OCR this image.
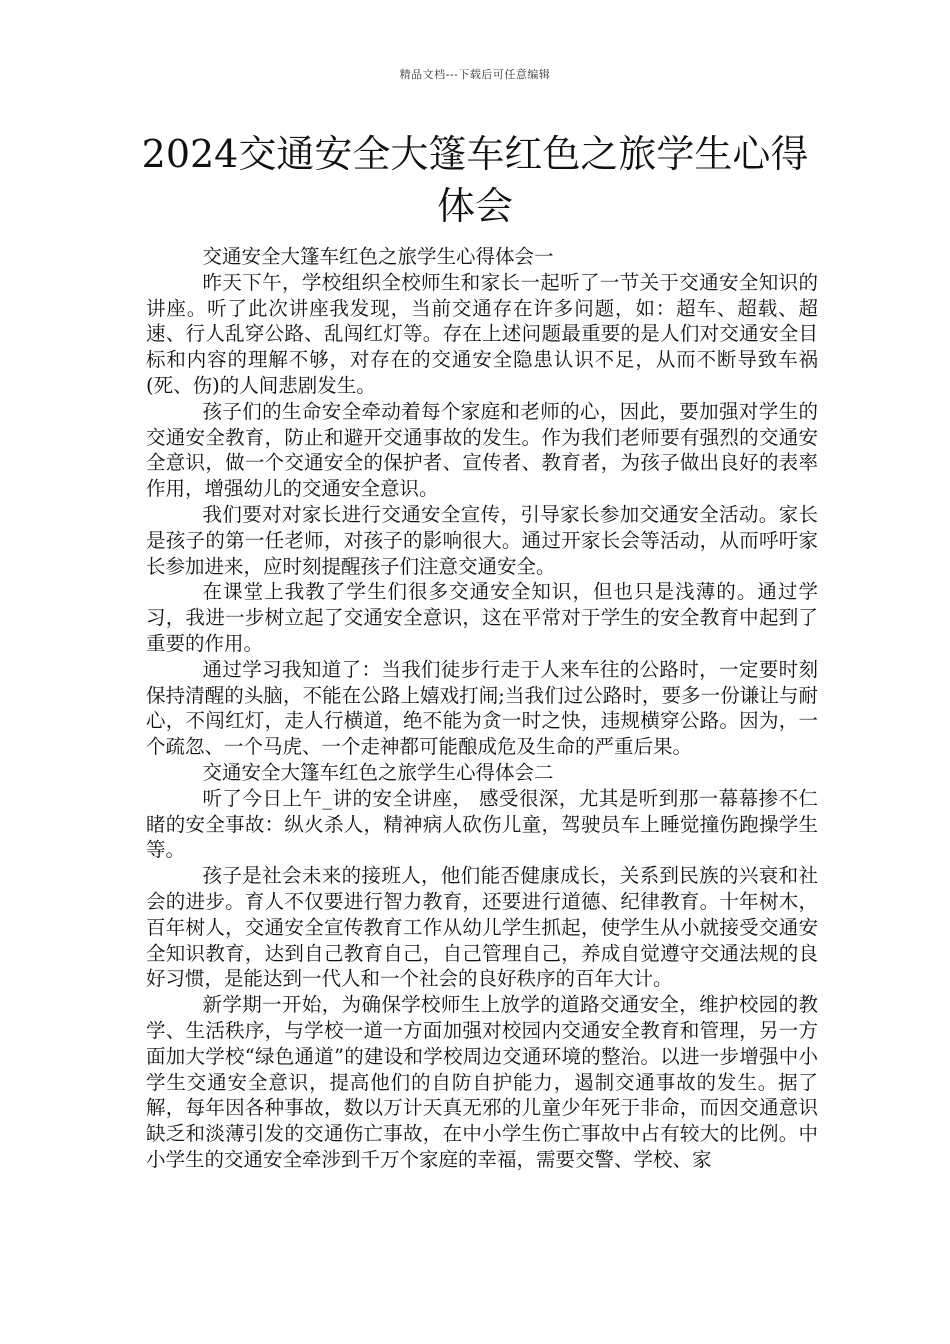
精品文档---下载后可任意编辑
2024交通安全大篷车红色之旅学生心得体会

交通安全大篷车红色之旅学生心得体会一

昨天下午，学校组织全校师生和家长一起听了一节关于交通安全知识的讲座。听了此次讲座我发现，当前交通存在许多问题，如：超车、超载、超速、行人乱穿公路、乱闯红灯等。存在上述问题最重要的是人们对交通安全目标和内容的理解不够，对存在的交通安全隐患认识不足，从而不断导致车祸(死、伤)的人间悲剧发生。

孩子们的生命安全牵动着每个家庭和老师的心，因此，要加强对学生的交通安全教育，防止和避开交通事故的发生。作为我们老师要有强烈的交通安全意识，做一个交通安全的保护者、宣传者、教育者，为孩子做出良好的表率作用，增强幼儿的交通安全意识。

我们要对对家长进行交通安全宣传，引导家长参加交通安全活动。家长是孩子的第一任老师，对孩子的影响很大。通过开家长会等活动，从而呼吁家长参加进来，应时刻提醒孩子们注意交通安全。

在课堂上我教了学生们很多交通安全知识，但也只是浅薄的。通过学习，我进一步树立起了交通安全意识，这在平常对于学生的安全教育中起到了重要的作用。

通过学习我知道了：当我们徒步行走于人来车往的公路时，一定要时刻保持清醒的头脑，不能在公路上嬉戏打闹;当我们过公路时，要多一份谦让与耐心，不闯红灯，走人行横道，绝不能为贪一时之快，违规横穿公路。因为，一个疏忽、一个马虎、一个走神都可能酿成危及生命的严重后果。

交通安全大篷车红色之旅学生心得体会二

听了今日上午_讲的安全讲座， 感受很深，尤其是听到那一幕幕掺不仁睹的安全事故：纵火杀人，精神病人砍伤儿童，驾驶员车上睡觉撞伤跑操学生等。

孩子是社会未来的接班人，他们能否健康成长，关系到民族的兴衰和社会的进步。育人不仅要进行智力教育，还要进行道德、纪律教育。十年树木，百年树人，交通安全宣传教育工作从幼儿学生抓起，使学生从小就接受交通安全知识教育，达到自己教育自己，自己管理自己，养成自觉遵守交通法规的良好习惯，是能达到一代人和一个社会的良好秩序的百年大计。

新学期一开始，为确保学校师生上放学的道路交通安全，维护校园的教学、生活秩序，与学校一道一方面加强对校园内交通安全教育和管理，另一方面加大学校“绿色通道”的建设和学校周边交通环境的整治。以进一步增强中小学生交通安全意识，提高他们的自防自护能力，遏制交通事故的发生。据了解，每年因各种事故，数以万计天真无邪的儿童少年死于非命，而因交通意识缺乏和淡薄引发的交通伤亡事故，在中小学生伤亡事故中占有较大的比例。中小学生的交通安全牵涉到千万个家庭的幸福，需要交警、学校、家
